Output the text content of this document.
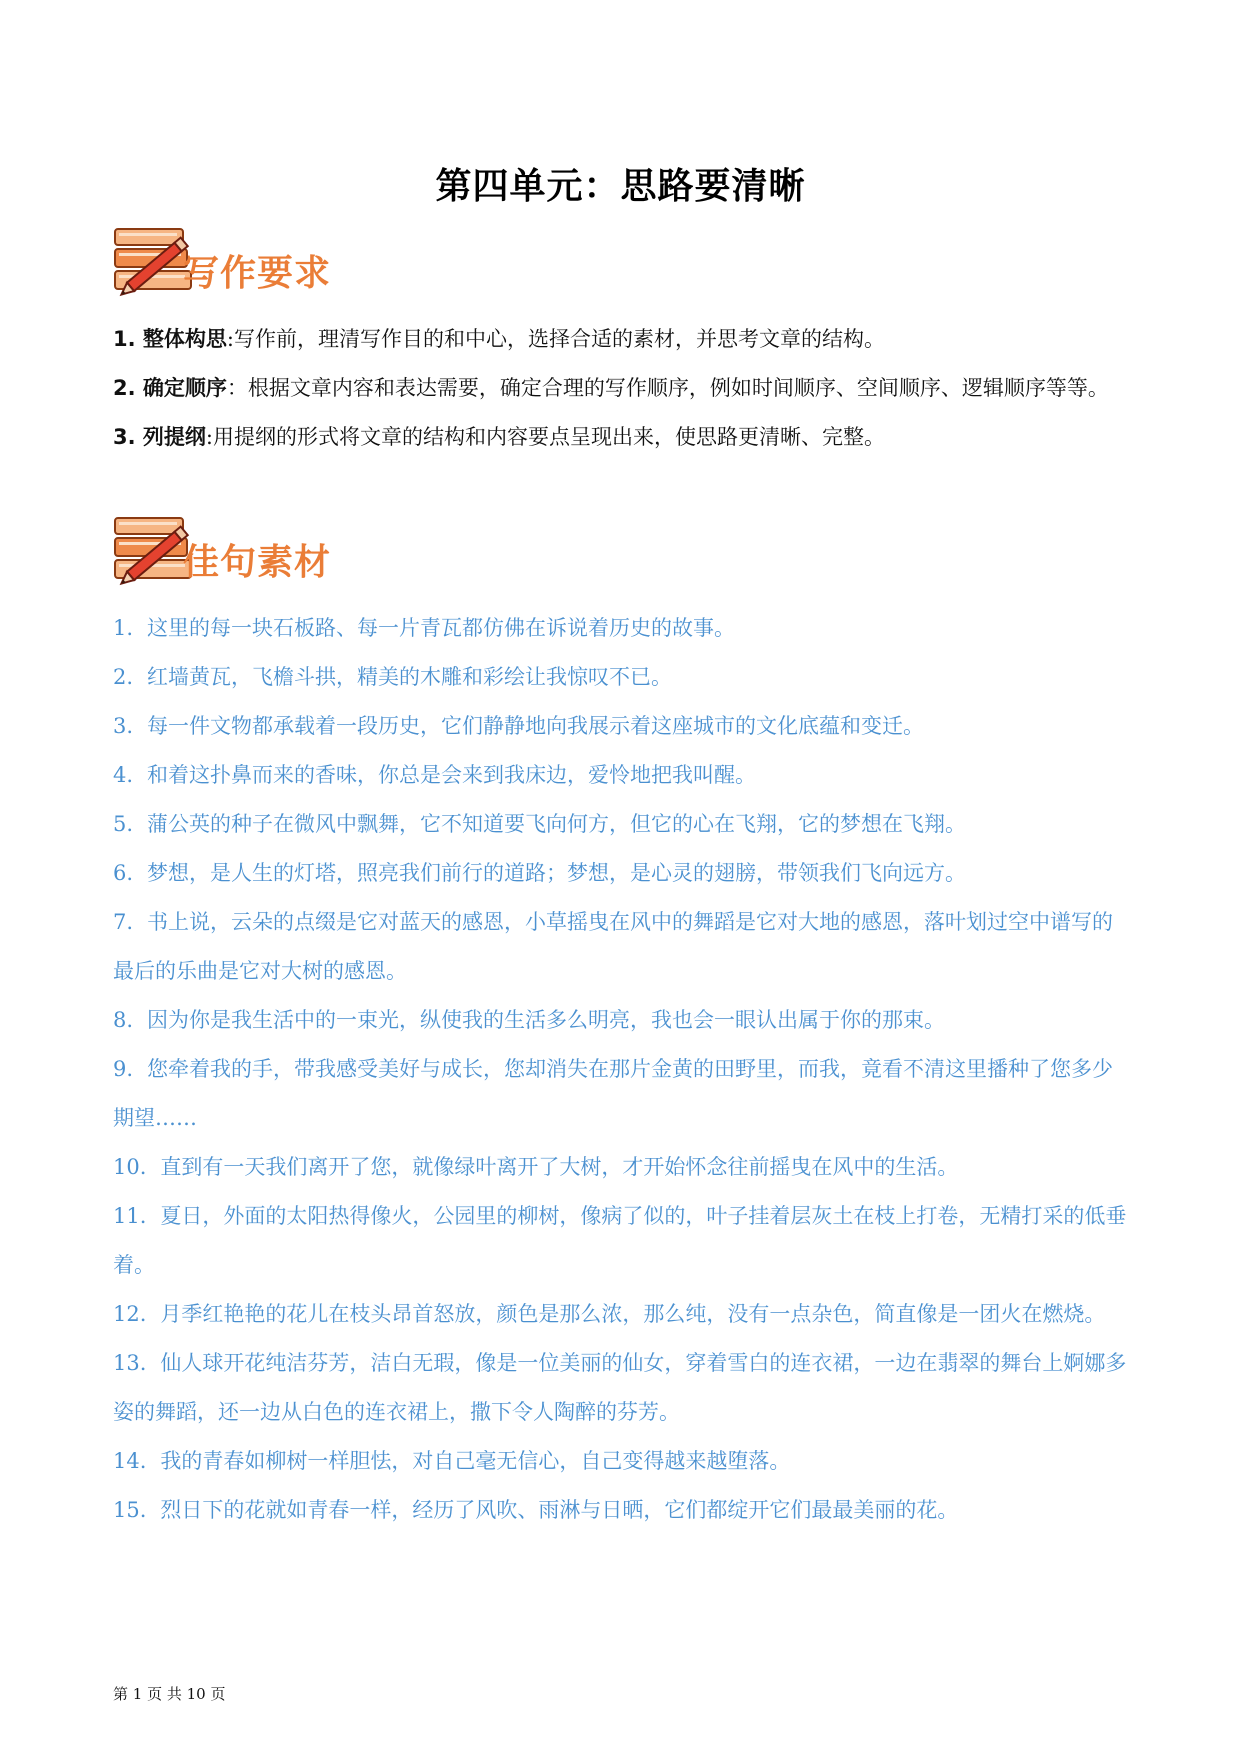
第四单元：思路要清晰
写作要求

1. 整体构思:写作前，理清写作目的和中心，选择合适的素材，并思考文章的结构。

2. 确定顺序：根据文章内容和表达需要，确定合理的写作顺序，例如时间顺序、空间顺序、逻辑顺序等等。

3. 列提纲:用提纲的形式将文章的结构和内容要点呈现出来，使思路更清晰、完整。

佳句素材

1. 这里的每一块石板路、每一片青瓦都仿佛在诉说着历史的故事。

2. 红墙黄瓦，飞檐斗拱，精美的木雕和彩绘让我惊叹不已。

3. 每一件文物都承载着一段历史，它们静静地向我展示着这座城市的文化底蕴和变迁。

4. 和着这扑鼻而来的香味，你总是会来到我床边，爱怜地把我叫醒。

5. 蒲公英的种子在微风中飘舞，它不知道要飞向何方，但它的心在飞翔，它的梦想在飞翔。

6. 梦想，是人生的灯塔，照亮我们前行的道路；梦想，是心灵的翅膀，带领我们飞向远方。

7. 书上说，云朵的点缀是它对蓝天的感恩，小草摇曳在风中的舞蹈是它对大地的感恩，落叶划过空中谱写的最后的乐曲是它对大树的感恩。

8. 因为你是我生活中的一束光，纵使我的生活多么明亮，我也会一眼认出属于你的那束。

9. 您牵着我的手，带我感受美好与成长，您却消失在那片金黄的田野里，而我，竟看不清这里播种了您多少期望……

10. 直到有一天我们离开了您，就像绿叶离开了大树，才开始怀念往前摇曳在风中的生活。

11. 夏日，外面的太阳热得像火，公园里的柳树，像病了似的，叶子挂着层灰土在枝上打卷，无精打采的低垂着。

12. 月季红艳艳的花儿在枝头昂首怒放，颜色是那么浓，那么纯，没有一点杂色，简直像是一团火在燃烧。

13. 仙人球开花纯洁芬芳，洁白无瑕，像是一位美丽的仙女，穿着雪白的连衣裙，一边在翡翠的舞台上婀娜多姿的舞蹈，还一边从白色的连衣裙上，撒下令人陶醉的芬芳。

14. 我的青春如柳树一样胆怯，对自己毫无信心，自己变得越来越堕落。

15. 烈日下的花就如青春一样，经历了风吹、雨淋与日晒，它们都绽开它们最最美丽的花。

第 1 页 共 10 页
